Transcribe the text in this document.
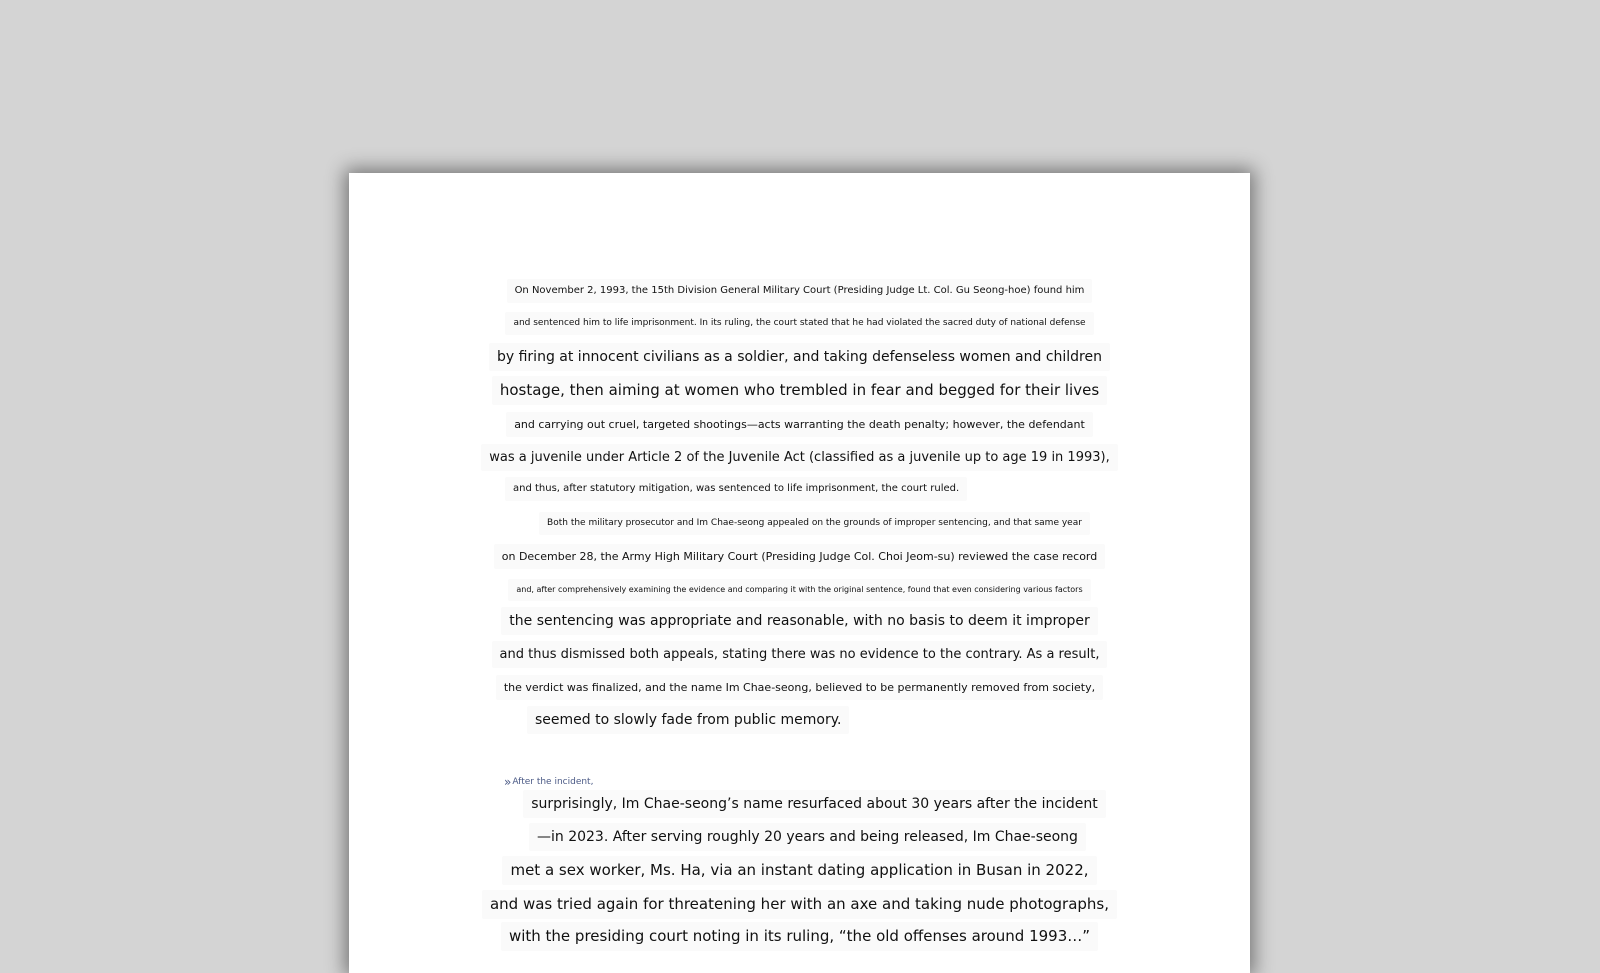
On November 2, 1993, the 15th Division General Military Court (Presiding Judge Lt. Col. Gu Seong-hoe) found him
and sentenced him to life imprisonment. In its ruling, the court stated that he had violated the sacred duty of national defense
by firing at innocent civilians as a soldier, and taking defenseless women and children
hostage, then aiming at women who trembled in fear and begged for their lives
and carrying out cruel, targeted shootings—acts warranting the death penalty; however, the defendant
was a juvenile under Article 2 of the Juvenile Act (classified as a juvenile up to age 19 in 1993),
and thus, after statutory mitigation, was sentenced to life imprisonment, the court ruled.
Both the military prosecutor and Im Chae-seong appealed on the grounds of improper sentencing, and that same year
on December 28, the Army High Military Court (Presiding Judge Col. Choi Jeom-su) reviewed the case record
and, after comprehensively examining the evidence and comparing it with the original sentence, found that even considering various factors
the sentencing was appropriate and reasonable, with no basis to deem it improper
and thus dismissed both appeals, stating there was no evidence to the contrary. As a result,
the verdict was finalized, and the name Im Chae-seong, believed to be permanently removed from society,
seemed to slowly fade from public memory.
»After the incident,
surprisingly, Im Chae-seong’s name resurfaced about 30 years after the incident
—in 2023. After serving roughly 20 years and being released, Im Chae-seong
met a sex worker, Ms. Ha, via an instant dating application in Busan in 2022,
and was tried again for threatening her with an axe and taking nude photographs,
with the presiding court noting in its ruling, “the old offenses around 1993…”
